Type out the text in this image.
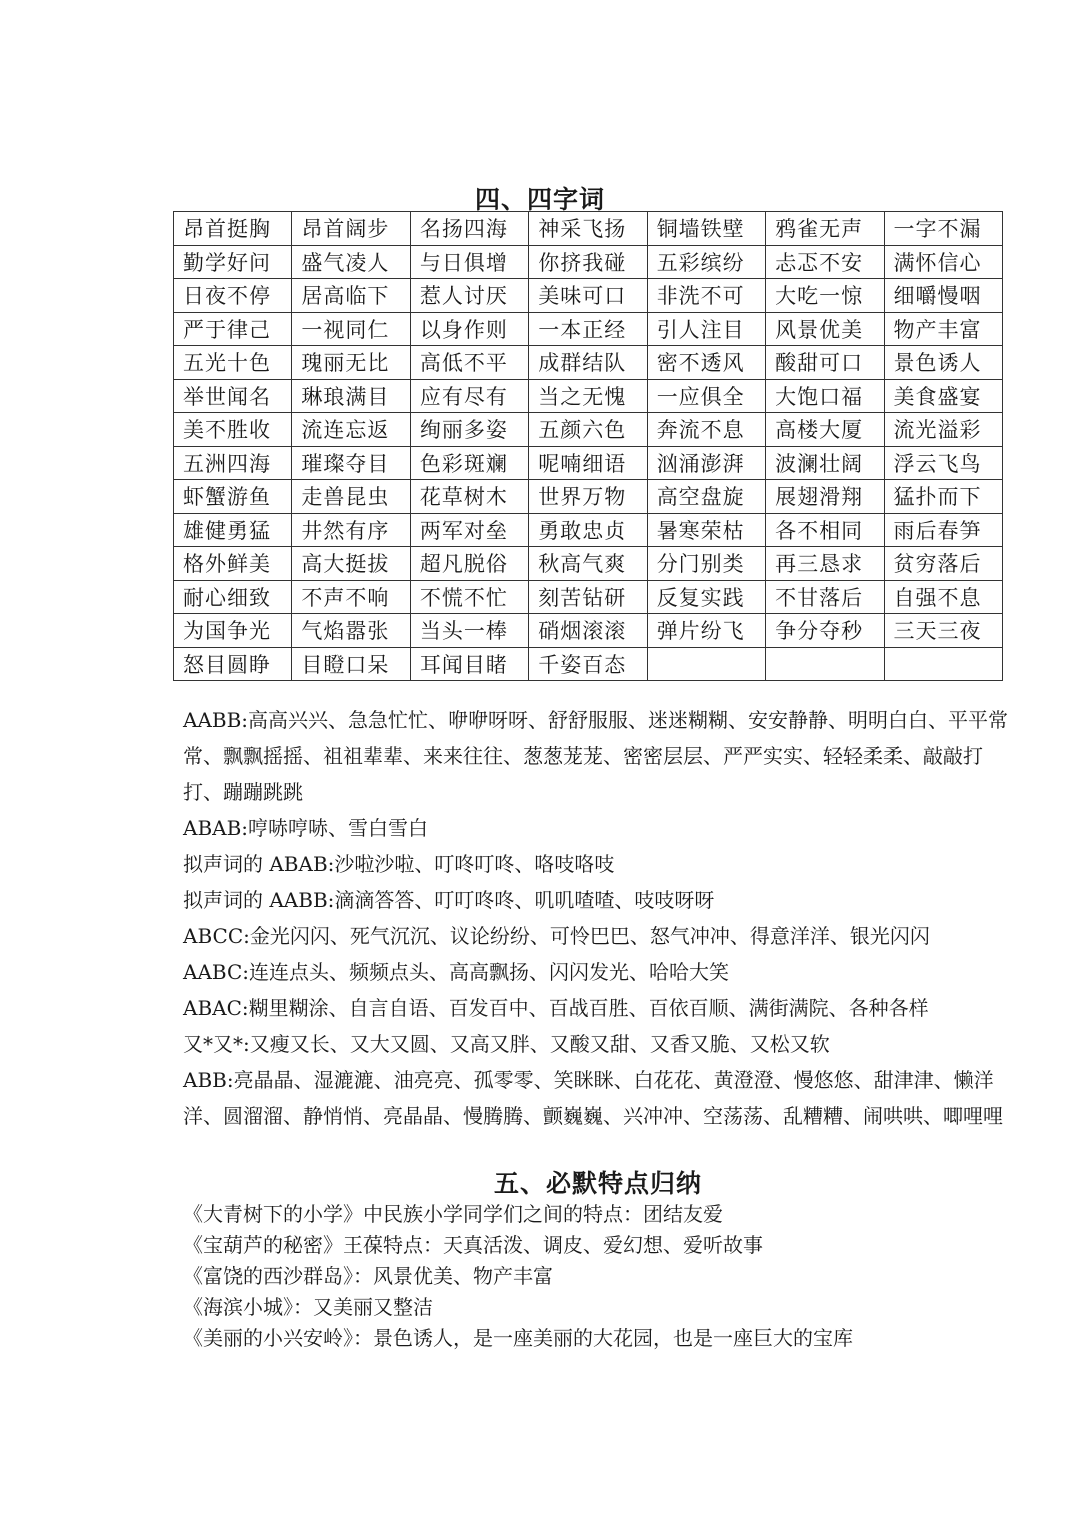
四、四字词
昂首挺胸	昂首阔步	名扬四海	神采飞扬	铜墙铁壁	鸦雀无声	一字不漏
勤学好问	盛气凌人	与日俱增	你挤我碰	五彩缤纷	忐忑不安	满怀信心
日夜不停	居高临下	惹人讨厌	美味可口	非洗不可	大吃一惊	细嚼慢咽
严于律己	一视同仁	以身作则	一本正经	引人注目	风景优美	物产丰富
五光十色	瑰丽无比	高低不平	成群结队	密不透风	酸甜可口	景色诱人
举世闻名	琳琅满目	应有尽有	当之无愧	一应俱全	大饱口福	美食盛宴
美不胜收	流连忘返	绚丽多姿	五颜六色	奔流不息	高楼大厦	流光溢彩
五洲四海	璀璨夺目	色彩斑斓	呢喃细语	汹涌澎湃	波澜壮阔	浮云飞鸟
虾蟹游鱼	走兽昆虫	花草树木	世界万物	高空盘旋	展翅滑翔	猛扑而下
雄健勇猛	井然有序	两军对垒	勇敢忠贞	暑寒荣枯	各不相同	雨后春笋
格外鲜美	高大挺拔	超凡脱俗	秋高气爽	分门别类	再三恳求	贫穷落后
耐心细致	不声不响	不慌不忙	刻苦钻研	反复实践	不甘落后	自强不息
为国争光	气焰嚣张	当头一棒	硝烟滚滚	弹片纷飞	争分夺秒	三天三夜
怒目圆睁	目瞪口呆	耳闻目睹	千姿百态			

AABB:高高兴兴、急急忙忙、咿咿呀呀、舒舒服服、迷迷糊糊、安安静静、明明白白、平平常常、飘飘摇摇、祖祖辈辈、来来往往、葱葱茏茏、密密层层、严严实实、轻轻柔柔、敲敲打打、蹦蹦跳跳

ABAB:哼哧哼哧、雪白雪白

拟声词的 ABAB:沙啦沙啦、叮咚叮咚、咯吱咯吱

拟声词的 AABB:滴滴答答、叮叮咚咚、叽叽喳喳、吱吱呀呀

ABCC:金光闪闪、死气沉沉、议论纷纷、可怜巴巴、怒气冲冲、得意洋洋、银光闪闪

AABC:连连点头、频频点头、高高飘扬、闪闪发光、哈哈大笑

ABAC:糊里糊涂、自言自语、百发百中、百战百胜、百依百顺、满街满院、各种各样

又*又*:又瘦又长、又大又圆、又高又胖、又酸又甜、又香又脆、又松又软

ABB:亮晶晶、湿漉漉、油亮亮、孤零零、笑眯眯、白花花、黄澄澄、慢悠悠、甜津津、懒洋洋、圆溜溜、静悄悄、亮晶晶、慢腾腾、颤巍巍、兴冲冲、空荡荡、乱糟糟、闹哄哄、唧哩哩

五、必默特点归纳

《大青树下的小学》中民族小学同学们之间的特点：团结友爱

《宝葫芦的秘密》王葆特点：天真活泼、调皮、爱幻想、爱听故事

《富饶的西沙群岛》：风景优美、物产丰富

《海滨小城》：又美丽又整洁

《美丽的小兴安岭》：景色诱人，是一座美丽的大花园，也是一座巨大的宝库
